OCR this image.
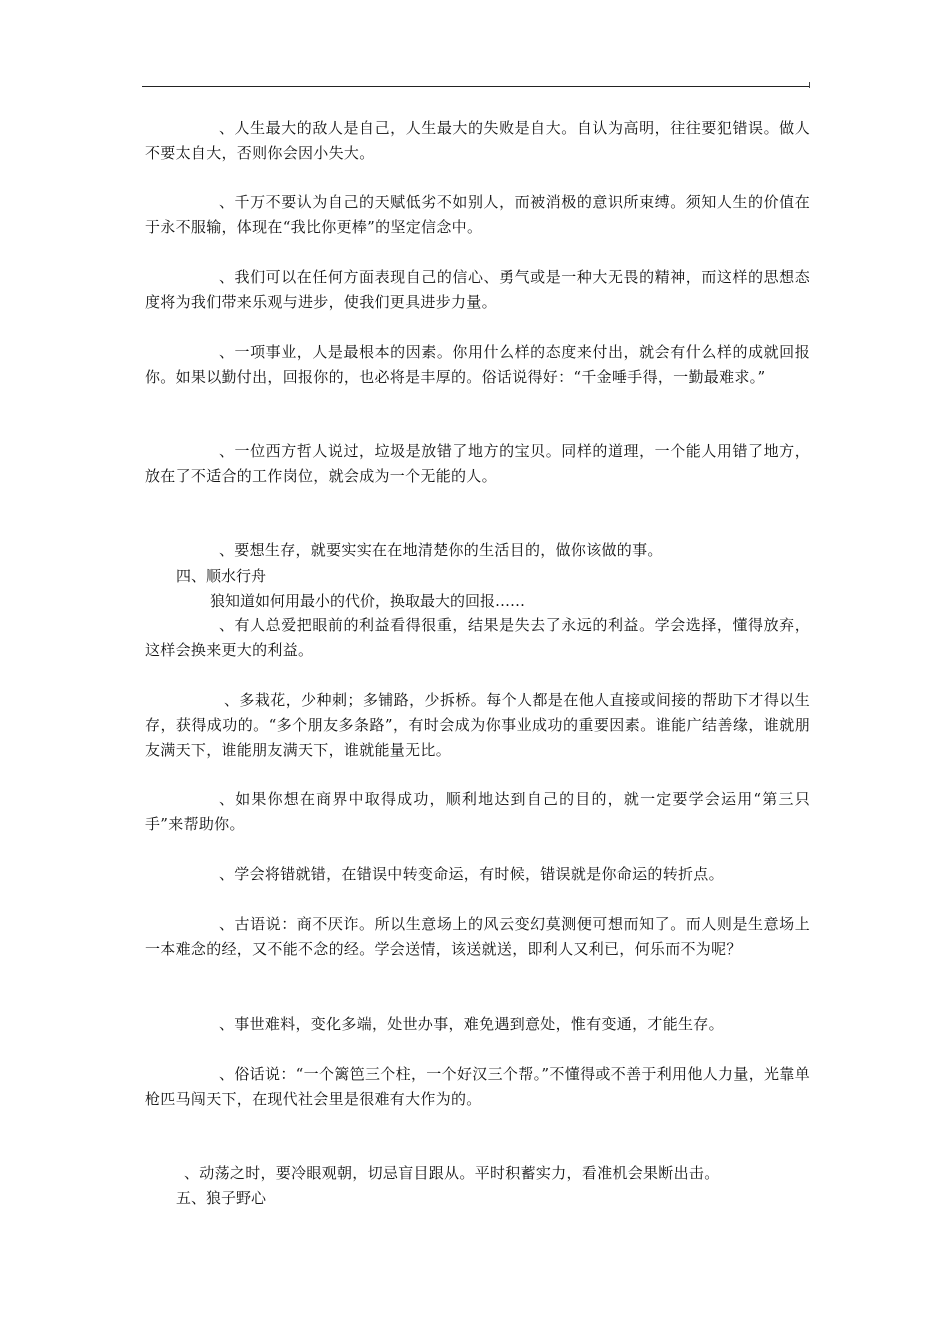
、人生最大的敌人是自己，人生最大的失败是自大。自认为高明，往往要犯错误。做人不要太自大，否则你会因小失大。

、千万不要认为自己的天赋低劣不如别人，而被消极的意识所束缚。须知人生的价值在于永不服输，体现在“我比你更棒”的坚定信念中。

、我们可以在任何方面表现自己的信心、勇气或是一种大无畏的精神，而这样的思想态度将为我们带来乐观与进步，使我们更具进步力量。

、一项事业，人是最根本的因素。你用什么样的态度来付出，就会有什么样的成就回报你。如果以勤付出，回报你的，也必将是丰厚的。俗话说得好：“千金唾手得，一勤最难求。”

、一位西方哲人说过，垃圾是放错了地方的宝贝。同样的道理，一个能人用错了地方，放在了不适合的工作岗位，就会成为一个无能的人。

、要想生存，就要实实在在地清楚你的生活目的，做你该做的事。

四、顺水行舟

狼知道如何用最小的代价，换取最大的回报……

、有人总爱把眼前的利益看得很重，结果是失去了永远的利益。学会选择，懂得放弃，这样会换来更大的利益。

、多栽花，少种刺；多铺路，少拆桥。每个人都是在他人直接或间接的帮助下才得以生存，获得成功的。“多个朋友多条路”，有时会成为你事业成功的重要因素。谁能广结善缘，谁就朋友满天下，谁能朋友满天下，谁就能量无比。

、如果你想在商界中取得成功，顺利地达到自己的目的，就一定要学会运用“第三只手”来帮助你。

、学会将错就错，在错误中转变命运，有时候，错误就是你命运的转折点。

、古语说：商不厌诈。所以生意场上的风云变幻莫测便可想而知了。而人则是生意场上一本难念的经，又不能不念的经。学会送情，该送就送，即利人又利已，何乐而不为呢？

、事世难料，变化多端，处世办事，难免遇到意处，惟有变通，才能生存。

、俗话说：“一个篱笆三个柱，一个好汉三个帮。”不懂得或不善于利用他人力量，光靠单枪匹马闯天下，在现代社会里是很难有大作为的。

、动荡之时，要冷眼观朝，切忌盲目跟从。平时积蓄实力，看准机会果断出击。

五、狼子野心
